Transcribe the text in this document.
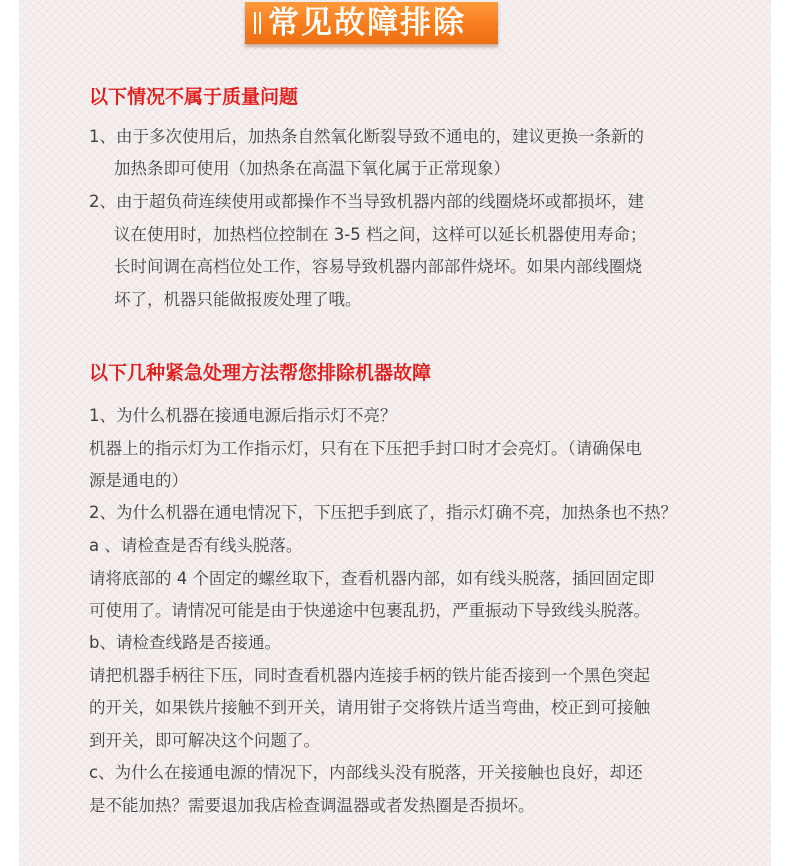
常见故障排除
以下情况不属于质量问题
1、由于多次使用后，加热条自然氧化断裂导致不通电的，建议更换一条新的
加热条即可使用（加热条在高温下氧化属于正常现象）
2、由于超负荷连续使用或都操作不当导致机器内部的线圈烧坏或都损坏，建
议在使用时，加热档位控制在 3-5 档之间，这样可以延长机器使用寿命；
长时间调在高档位处工作，容易导致机器内部部件烧坏。如果内部线圈烧
坏了，机器只能做报废处理了哦。
以下几种紧急处理方法帮您排除机器故障
1、为什么机器在接通电源后指示灯不亮？
机器上的指示灯为工作指示灯，只有在下压把手封口时才会亮灯。（请确保电
源是通电的）
2、为什么机器在通电情况下，下压把手到底了，指示灯确不亮，加热条也不热？
a 、请检查是否有线头脱落。
请将底部的 4 个固定的螺丝取下，查看机器内部，如有线头脱落，插回固定即
可使用了。请情况可能是由于快递途中包裹乱扔，严重振动下导致线头脱落。
b、请检查线路是否接通。
请把机器手柄往下压，同时查看机器内连接手柄的铁片能否接到一个黑色突起
的开关，如果铁片接触不到开关，请用钳子交将铁片适当弯曲，校正到可接触
到开关，即可解决这个问题了。
c、为什么在接通电源的情况下，内部线头没有脱落，开关接触也良好，却还
是不能加热？需要退加我店检查调温器或者发热圈是否损坏。
